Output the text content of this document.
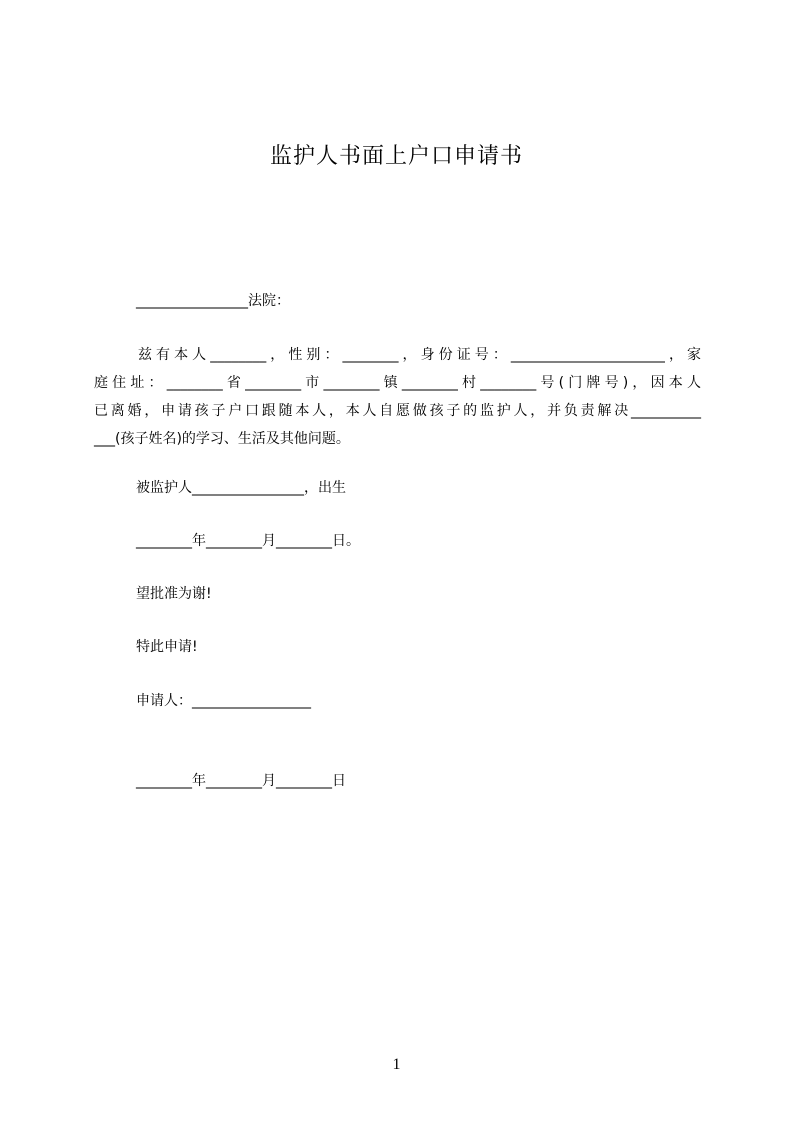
监护人书面上户口申请书
________________法院：
兹有本人________，性别：________，身份证号：______________________，家
庭住址：________省________市________镇________村________号(门牌号)，因本人
已离婚，申请孩子户口跟随本人，本人自愿做孩子的监护人，并负责解决__________
___(孩子姓名)的学习、生活及其他问题。
被监护人________________，出生
________年________月________日。
望批准为谢!
特此申请!
申请人：_________________
________年________月________日
1
